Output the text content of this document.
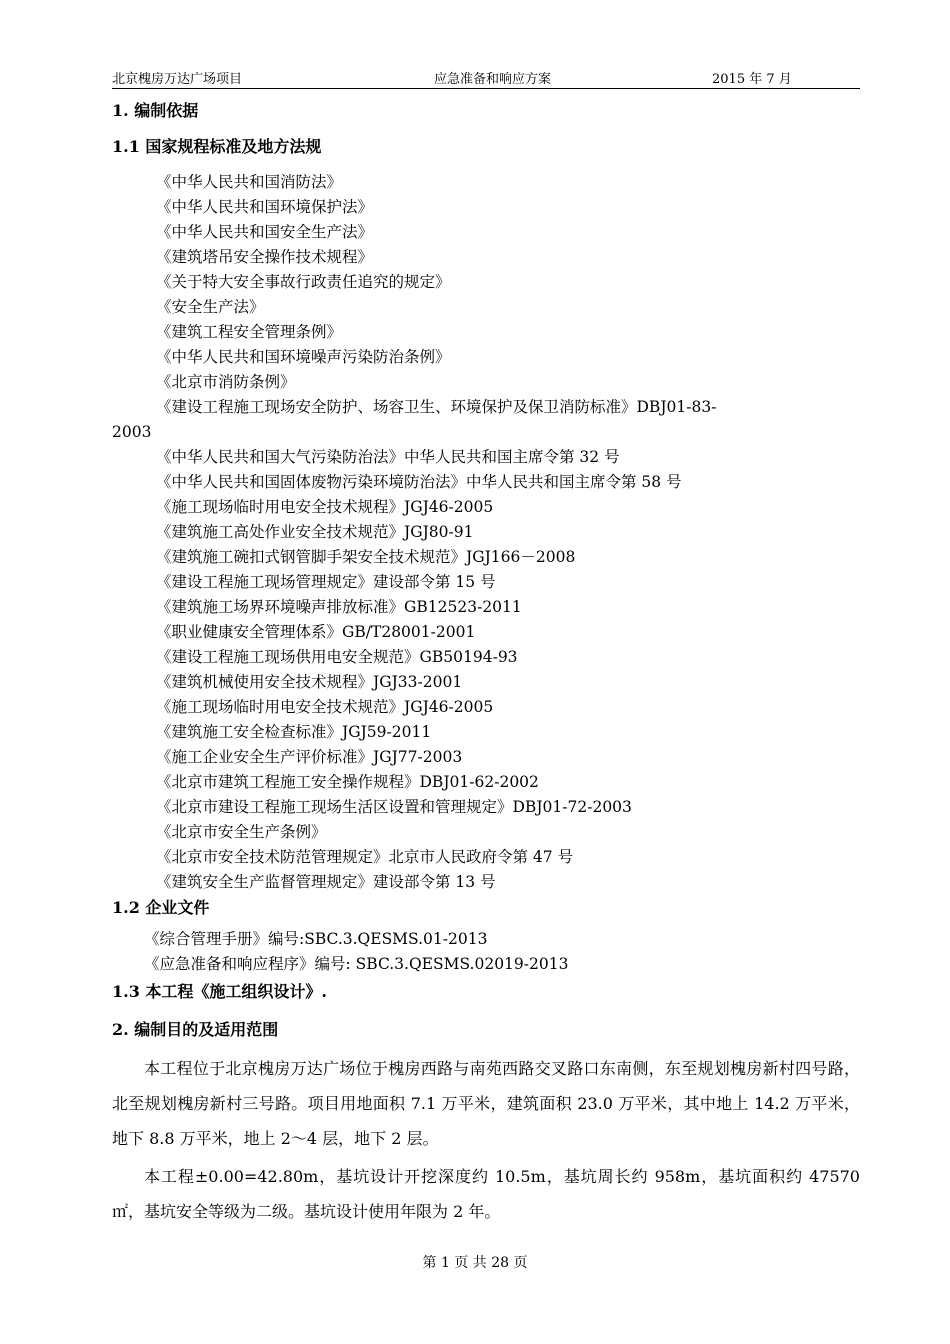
北京槐房万达广场项目	应急准备和响应方案	2015 年 7 月
1. 编制依据
1.1 国家规程标准及地方法规
《中华人民共和国消防法》
《中华人民共和国环境保护法》
《中华人民共和国安全生产法》
《建筑塔吊安全操作技术规程》
《关于特大安全事故行政责任追究的规定》
《安全生产法》
《建筑工程安全管理条例》
《中华人民共和国环境噪声污染防治条例》
《北京市消防条例》
《建设工程施工现场安全防护、场容卫生、环境保护及保卫消防标准》DBJ01-83-
2003
《中华人民共和国大气污染防治法》中华人民共和国主席令第 32 号
《中华人民共和国固体废物污染环境防治法》中华人民共和国主席令第 58 号
《施工现场临时用电安全技术规程》JGJ46-2005
《建筑施工高处作业安全技术规范》JGJ80-91
《建筑施工碗扣式钢管脚手架安全技术规范》JGJ166－2008
《建设工程施工现场管理规定》建设部令第 15 号
《建筑施工场界环境噪声排放标准》GB12523-2011
《职业健康安全管理体系》GB/T28001-2001
《建设工程施工现场供用电安全规范》GB50194-93
《建筑机械使用安全技术规程》JGJ33-2001
《施工现场临时用电安全技术规范》JGJ46-2005
《建筑施工安全检查标准》JGJ59-2011
《施工企业安全生产评价标准》JGJ77-2003
《北京市建筑工程施工安全操作规程》DBJ01-62-2002
《北京市建设工程施工现场生活区设置和管理规定》DBJ01-72-2003
《北京市安全生产条例》
《北京市安全技术防范管理规定》北京市人民政府令第 47 号
《建筑安全生产监督管理规定》建设部令第 13 号
1.2 企业文件
《综合管理手册》编号:SBC.3.QESMS.01-2013
《应急准备和响应程序》编号: SBC.3.QESMS.02019-2013
1.3 本工程《施工组织设计》.
2. 编制目的及适用范围

本工程位于北京槐房万达广场位于槐房西路与南苑西路交叉路口东南侧，东至规划槐房新村四号路，北至规划槐房新村三号路。项目用地面积 7.1 万平米，建筑面积 23.0 万平米，其中地上 14.2 万平米，地下 8.8 万平米，地上 2～4 层，地下 2 层。

本工程±0.00=42.80m，基坑设计开挖深度约 10.5m，基坑周长约 958m，基坑面积约 47570㎡，基坑安全等级为二级。基坑设计使用年限为 2 年。

第 1 页 共 28 页
